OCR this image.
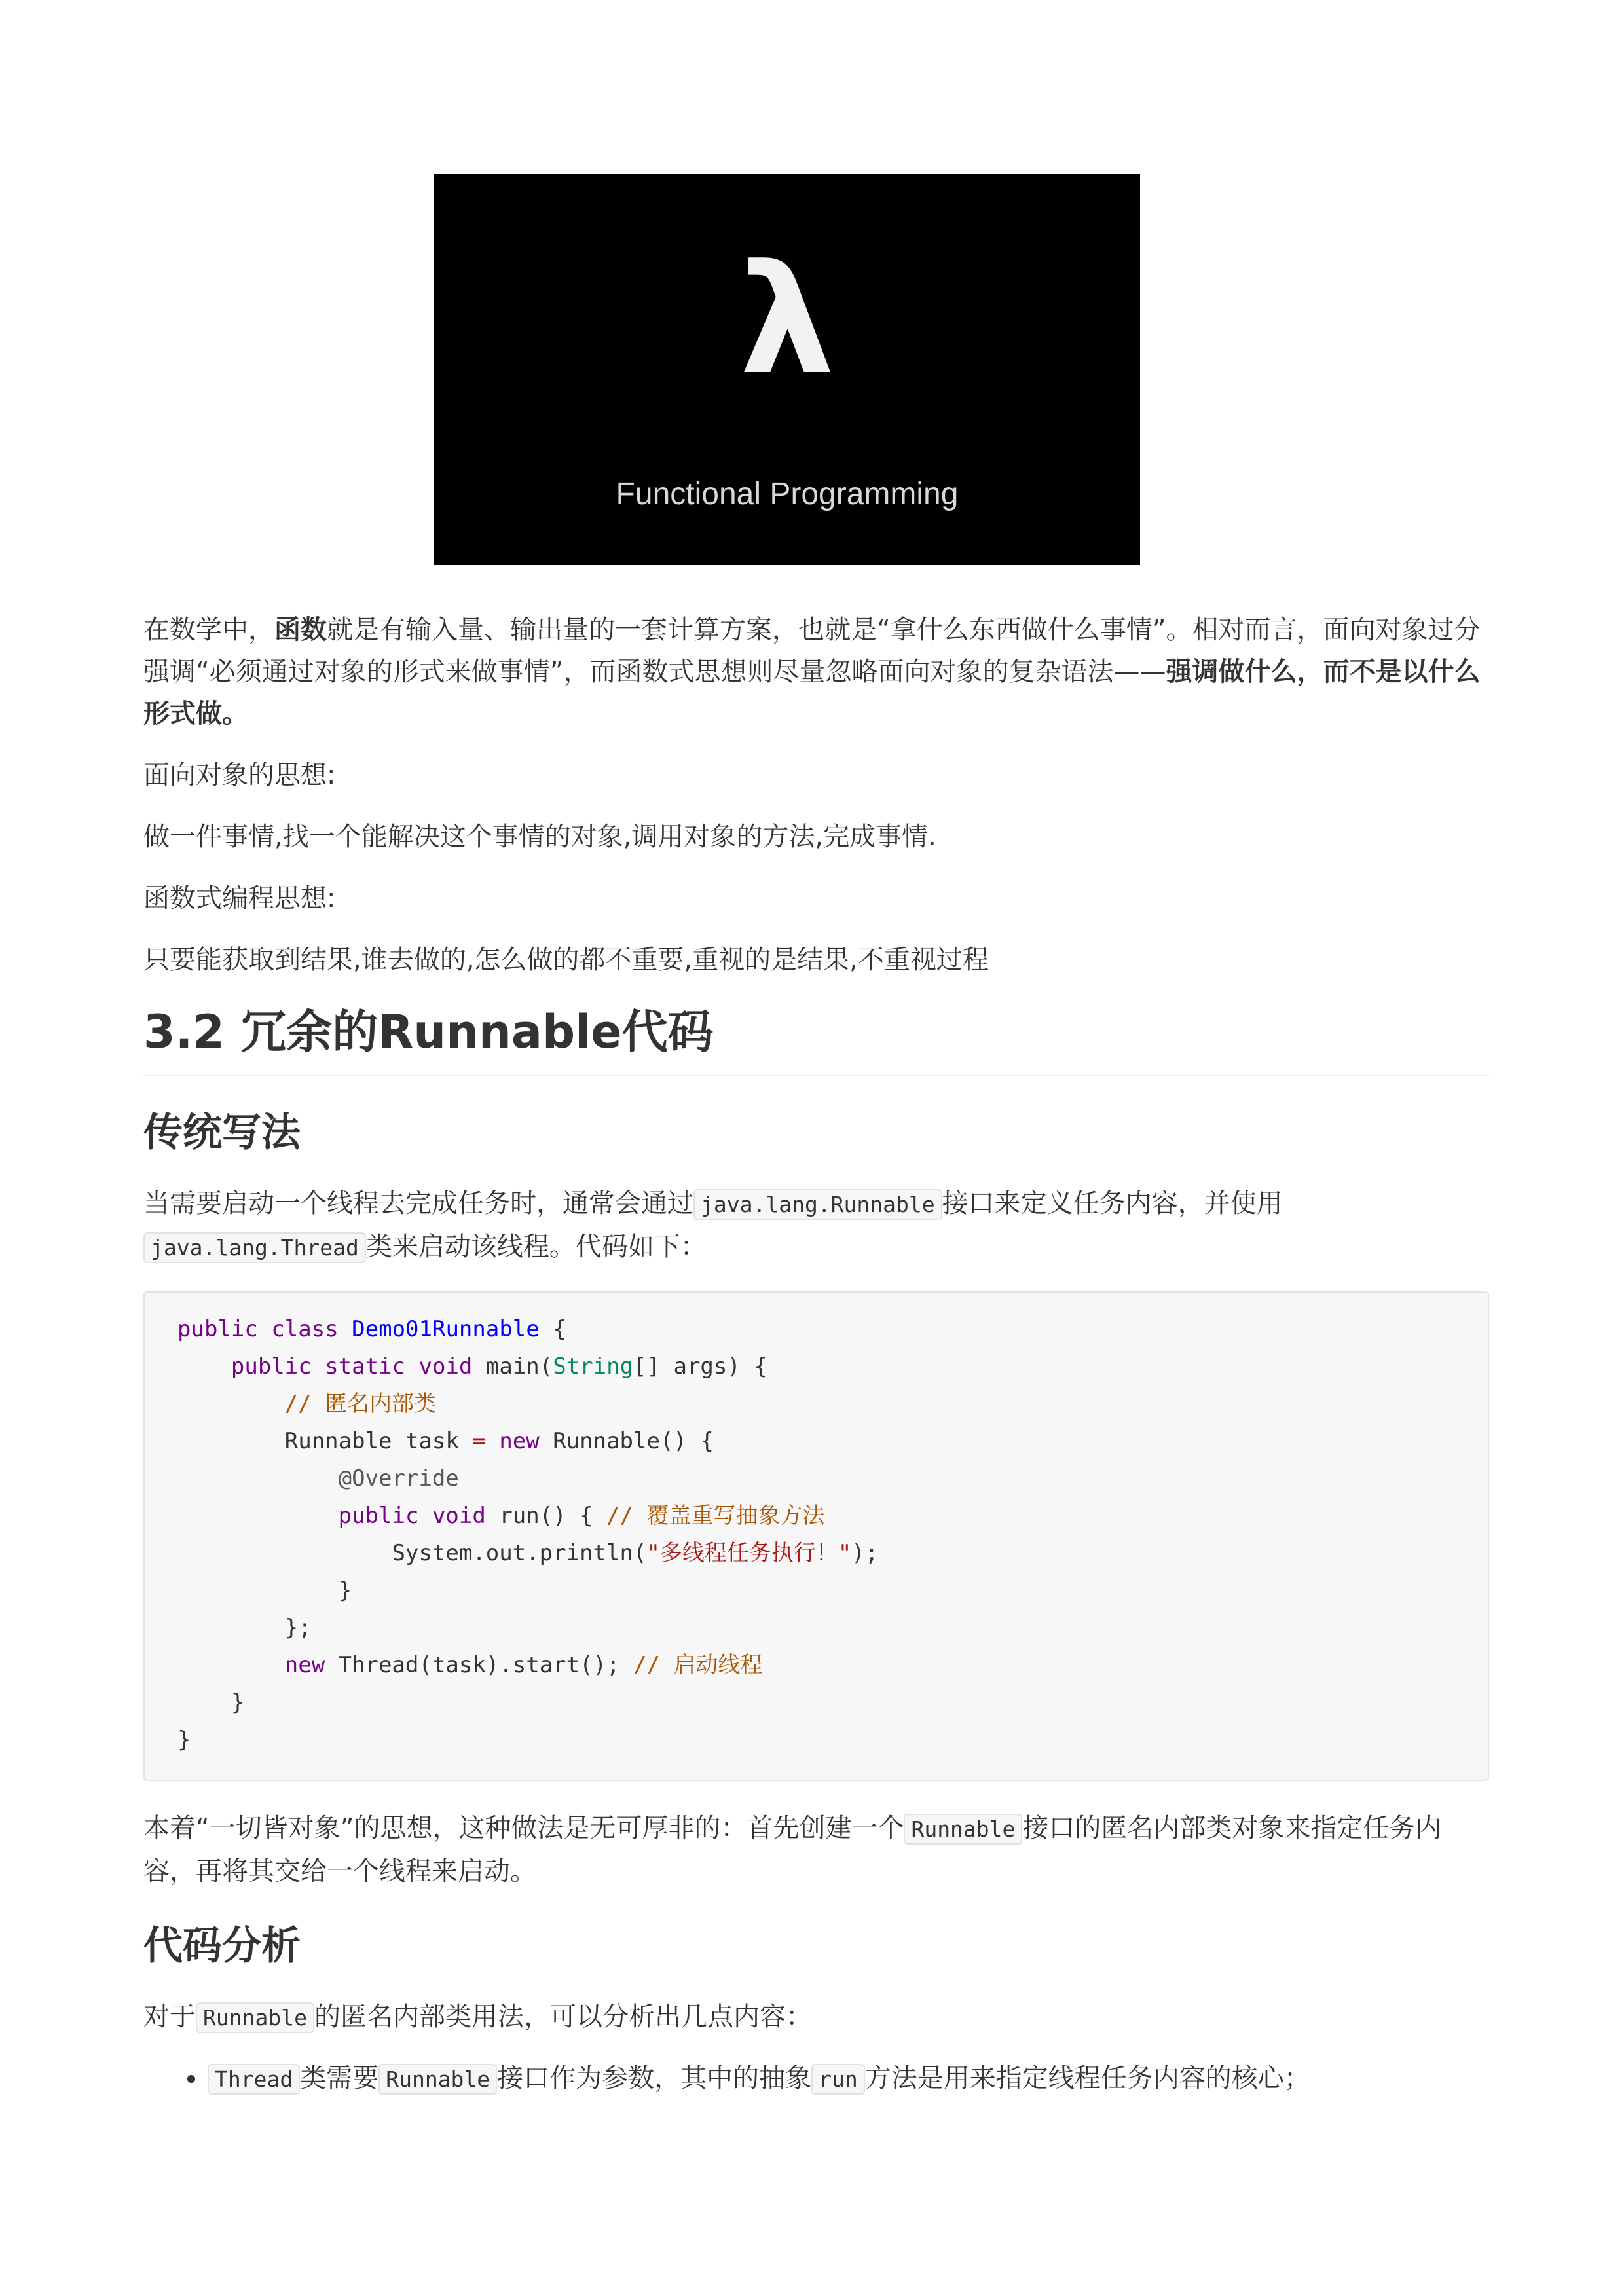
λ
Functional Programming

在数学中，函数就是有输入量、输出量的一套计算方案，也就是“拿什么东西做什么事情”。相对而言，面向对象过分强调“必须通过对象的形式来做事情”，而函数式思想则尽量忽略面向对象的复杂语法——强调做什么，而不是以什么形式做。

面向对象的思想:

做一件事情,找一个能解决这个事情的对象,调用对象的方法,完成事情.

函数式编程思想:

只要能获取到结果,谁去做的,怎么做的都不重要,重视的是结果,不重视过程

3.2 冗余的Runnable代码
传统写法

当需要启动一个线程去完成任务时，通常会通过 java.lang.Runnable 接口来定义任务内容，并使用
java.lang.Thread 类来启动该线程。代码如下：

public class Demo01Runnable {
public static void main(String[] args) {
// 匿名内部类
Runnable task = new Runnable() {
@Override
public void run() { // 覆盖重写抽象方法
System.out.println("多线程任务执行！");
}
};
new Thread(task).start(); // 启动线程
}
}

本着“一切皆对象”的思想，这种做法是无可厚非的：首先创建一个 Runnable 接口的匿名内部类对象来指定任务内容，再将其交给一个线程来启动。

代码分析

对于 Runnable 的匿名内部类用法，可以分析出几点内容：

• Thread 类需要 Runnable 接口作为参数，其中的抽象 run 方法是用来指定线程任务内容的核心；
